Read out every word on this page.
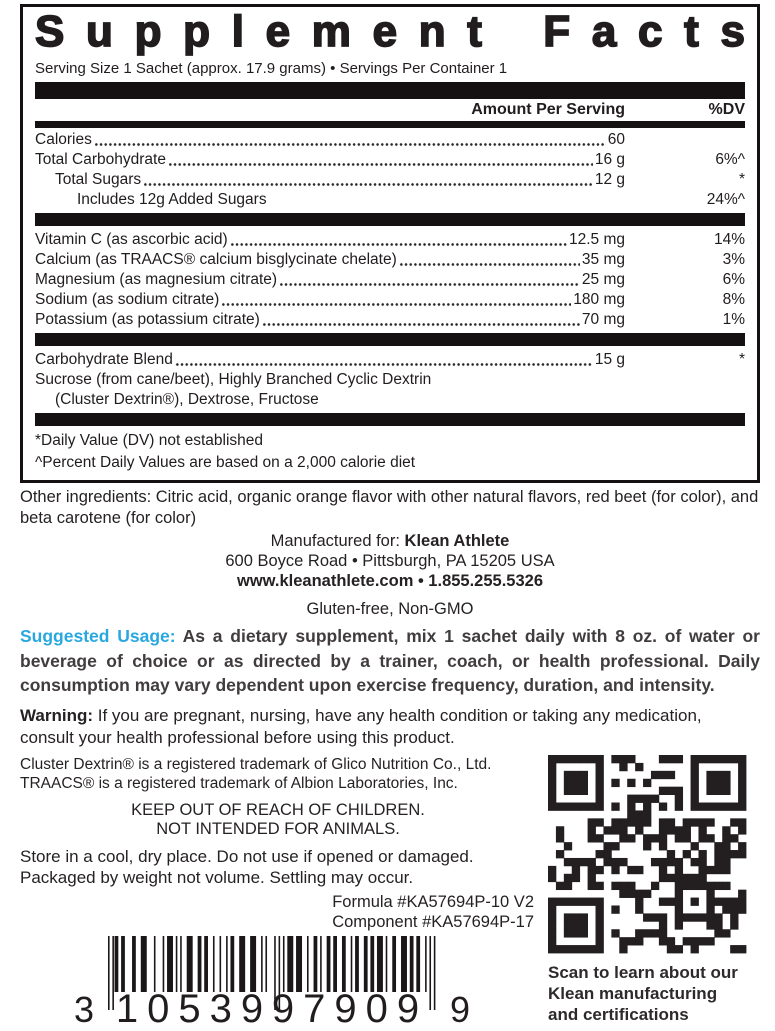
S u p p l e m e n t
F a c t s
Serving Size 1 Sachet (approx. 17.9 grams) • Servings Per Container 1
Amount Per Serving	%DV
Calories	60
Total Carbohydrate	16 g	6%^
Total Sugars	12 g	*
Includes 12g Added Sugars	24%^
Vitamin C (as ascorbic acid)	12.5 mg	14%
Calcium (as TRAACS® calcium bisglycinate chelate)	35 mg	3%
Magnesium (as magnesium citrate)	25 mg	6%
Sodium (as sodium citrate)	180 mg	8%
Potassium (as potassium citrate)	70 mg	1%
Carbohydrate Blend	15 g	*
Sucrose (from cane/beet), Highly Branched Cyclic Dextrin
(Cluster Dextrin®), Dextrose, Fructose
*Daily Value (DV) not established
^Percent Daily Values are based on a 2,000 calorie diet

Other ingredients: Citric acid, organic orange flavor with other natural flavors, red beet (for color), and beta carotene (for color)

Manufactured for: Klean Athlete
600 Boyce Road • Pittsburgh, PA 15205 USA
www.kleanathlete.com • 1.855.255.5326
Gluten-free, Non-GMO

Suggested Usage: As a dietary supplement, mix 1 sachet daily with 8 oz. of water or beverage of choice or as directed by a trainer, coach, or health professional. Daily consumption may vary dependent upon exercise frequency, duration, and intensity.

Warning: If you are pregnant, nursing, have any health condition or taking any medication, consult your health professional before using this product.

Cluster Dextrin® is a registered trademark of Glico Nutrition Co., Ltd.
TRAACS® is a registered trademark of Albion Laboratories, Inc.
KEEP OUT OF REACH OF CHILDREN.
NOT INTENDED FOR ANIMALS.
Store in a cool, dry place. Do not use if opened or damaged.
Packaged by weight not volume. Settling may occur.
Formula #KA57694P-10 V2
Component #KA57694P-17
3 10539 97909 9
Scan to learn about our
Klean manufacturing
and certifications
